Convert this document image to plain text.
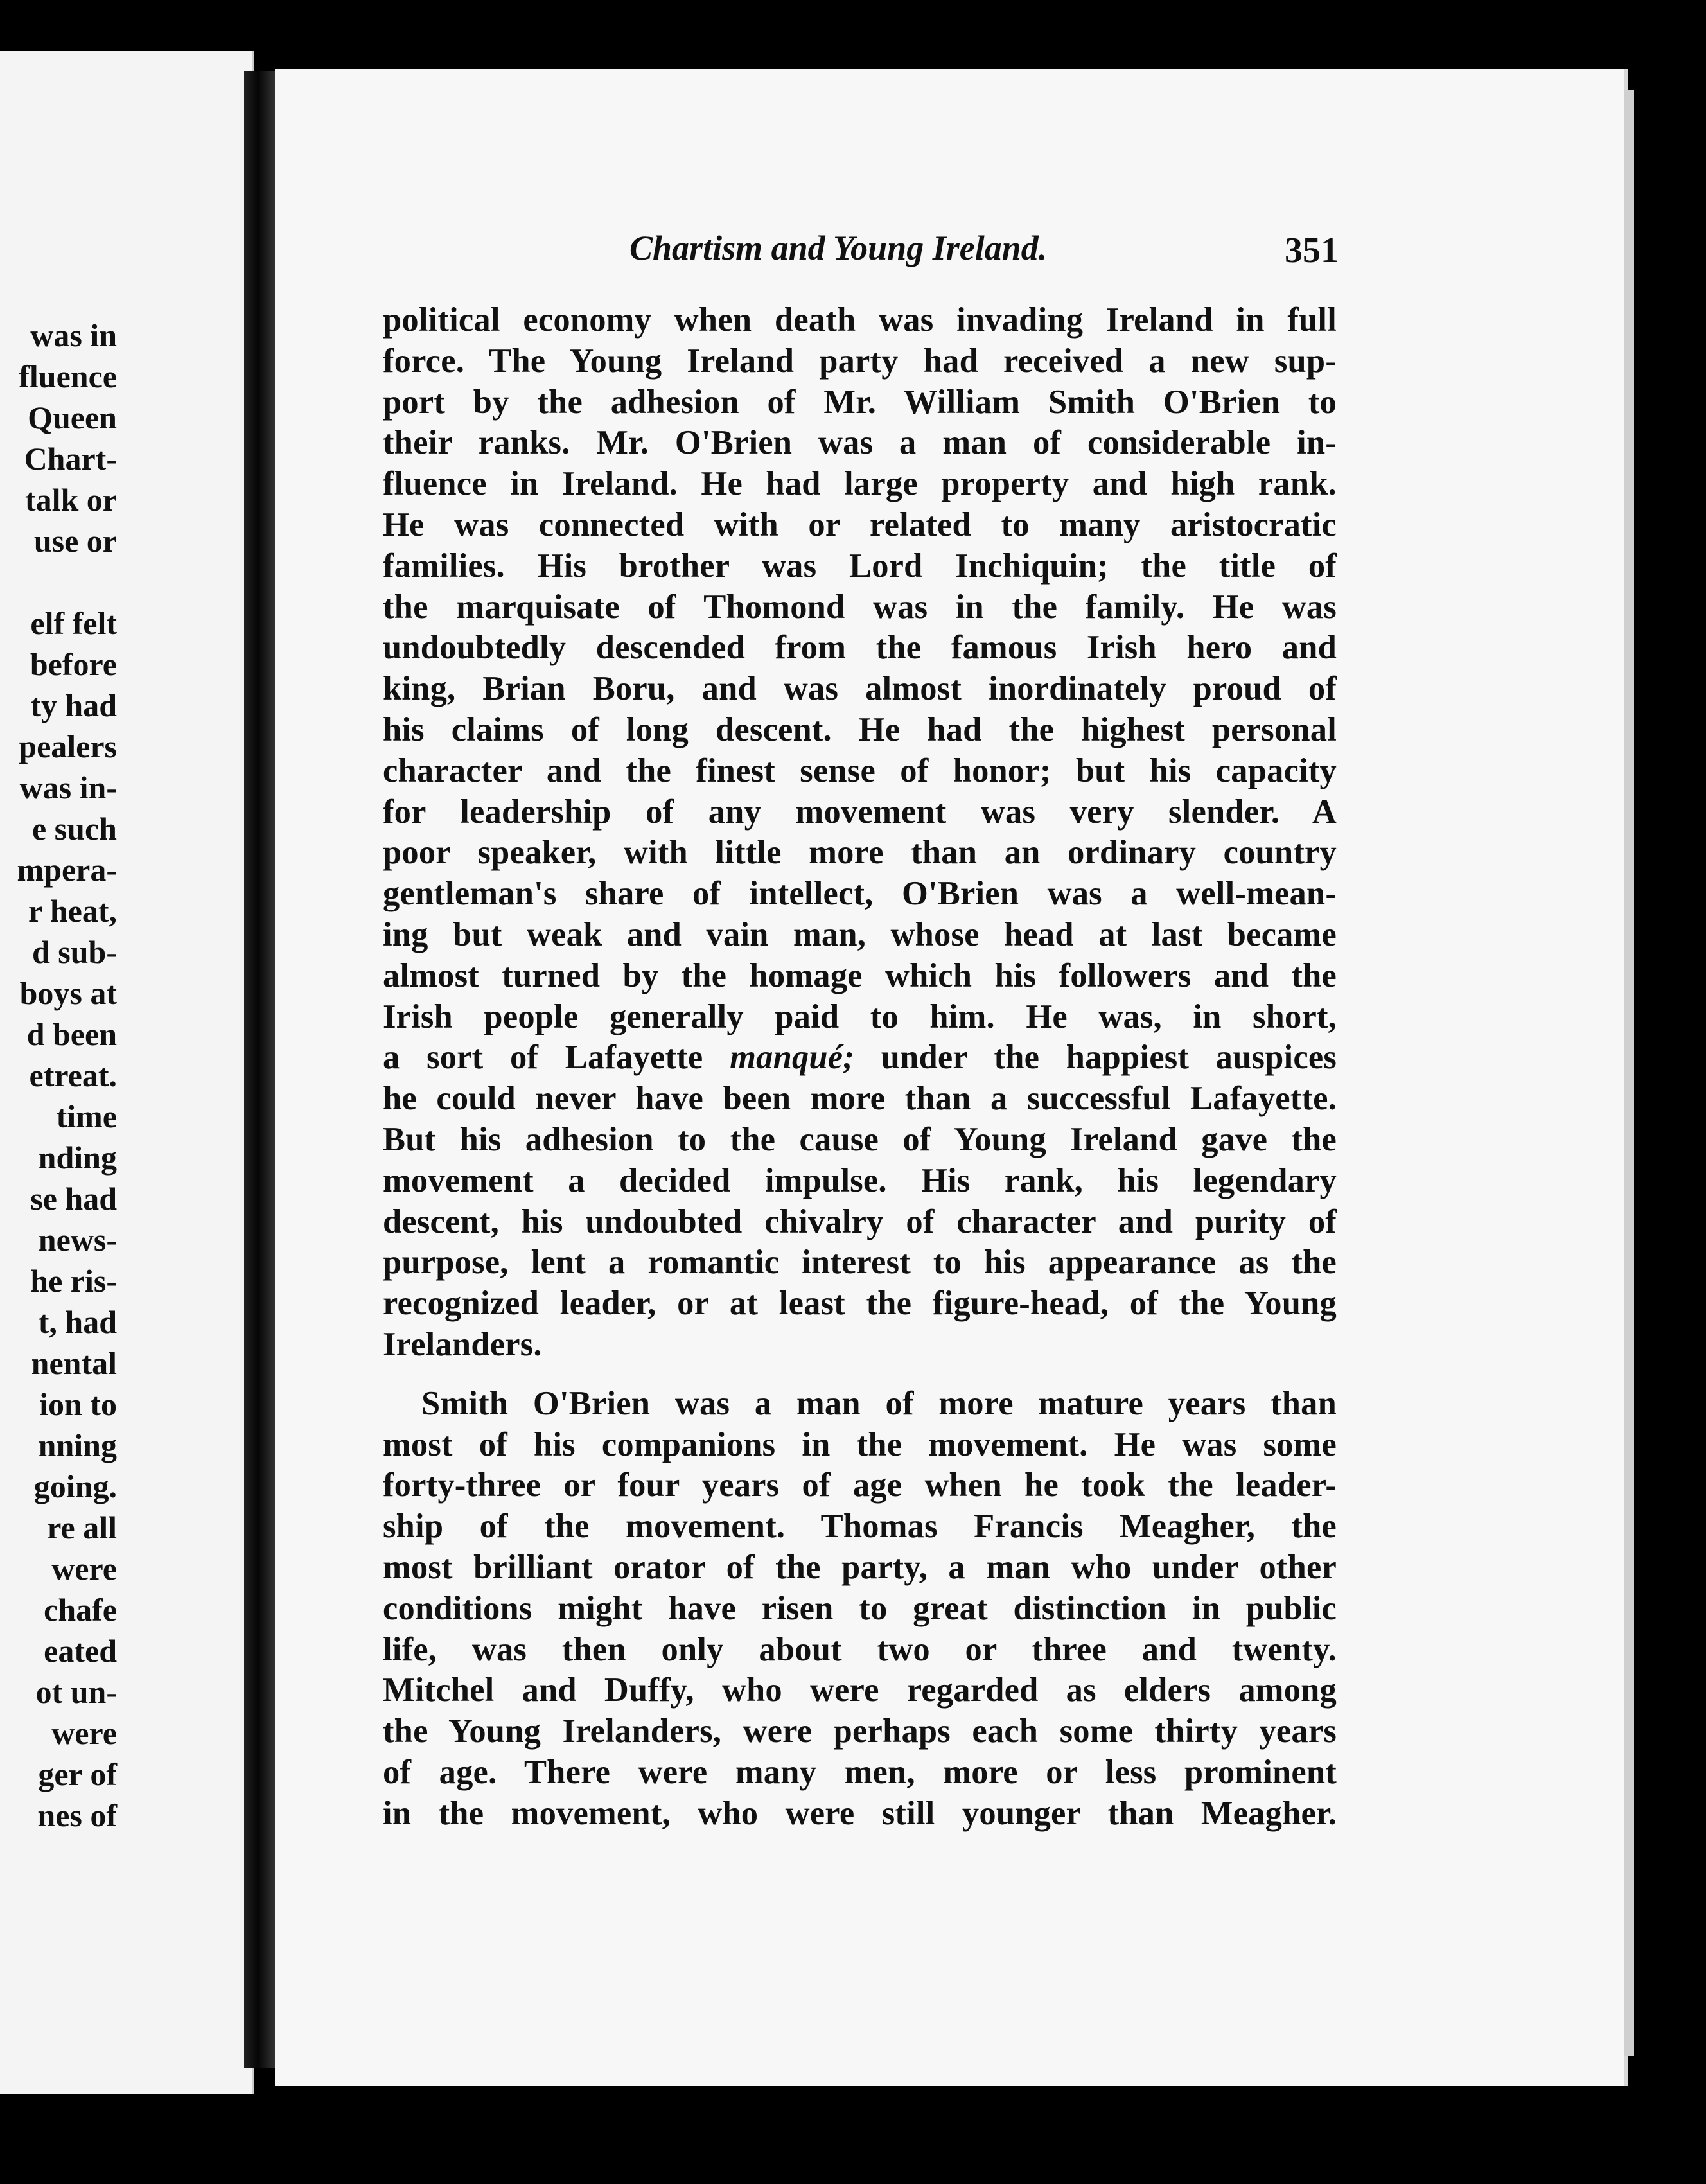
was in
fluence
Queen
Chart-
talk or
use or
elf felt
before
ty had
pealers
was in-
e such
mpera-
r heat,
d sub-
boys at
d been
etreat.
time
nding
se had
news-
he ris-
t, had
nental
ion to
nning
going.
re all
were
chafe
eated
ot un-
were
ger of
nes of
Chartism and Young Ireland.	351
political economy when death was invading Ireland in full
force. The Young Ireland party had received a new sup-
port by the adhesion of Mr. William Smith O'Brien to
their ranks. Mr. O'Brien was a man of considerable in-
fluence in Ireland. He had large property and high rank.
He was connected with or related to many aristocratic
families. His brother was Lord Inchiquin; the title of
the marquisate of Thomond was in the family. He was
undoubtedly descended from the famous Irish hero and
king, Brian Boru, and was almost inordinately proud of
his claims of long descent. He had the highest personal
character and the finest sense of honor; but his capacity
for leadership of any movement was very slender. A
poor speaker, with little more than an ordinary country
gentleman's share of intellect, O'Brien was a well-mean-
ing but weak and vain man, whose head at last became
almost turned by the homage which his followers and the
Irish people generally paid to him. He was, in short,
a sort of Lafayette manqué; under the happiest auspices
he could never have been more than a successful Lafayette.
But his adhesion to the cause of Young Ireland gave the
movement a decided impulse. His rank, his legendary
descent, his undoubted chivalry of character and purity of
purpose, lent a romantic interest to his appearance as the
recognized leader, or at least the figure-head, of the Young
Irelanders.
Smith O'Brien was a man of more mature years than
most of his companions in the movement. He was some
forty-three or four years of age when he took the leader-
ship of the movement. Thomas Francis Meagher, the
most brilliant orator of the party, a man who under other
conditions might have risen to great distinction in public
life, was then only about two or three and twenty.
Mitchel and Duffy, who were regarded as elders among
the Young Irelanders, were perhaps each some thirty years
of age. There were many men, more or less prominent
in the movement, who were still younger than Meagher.
